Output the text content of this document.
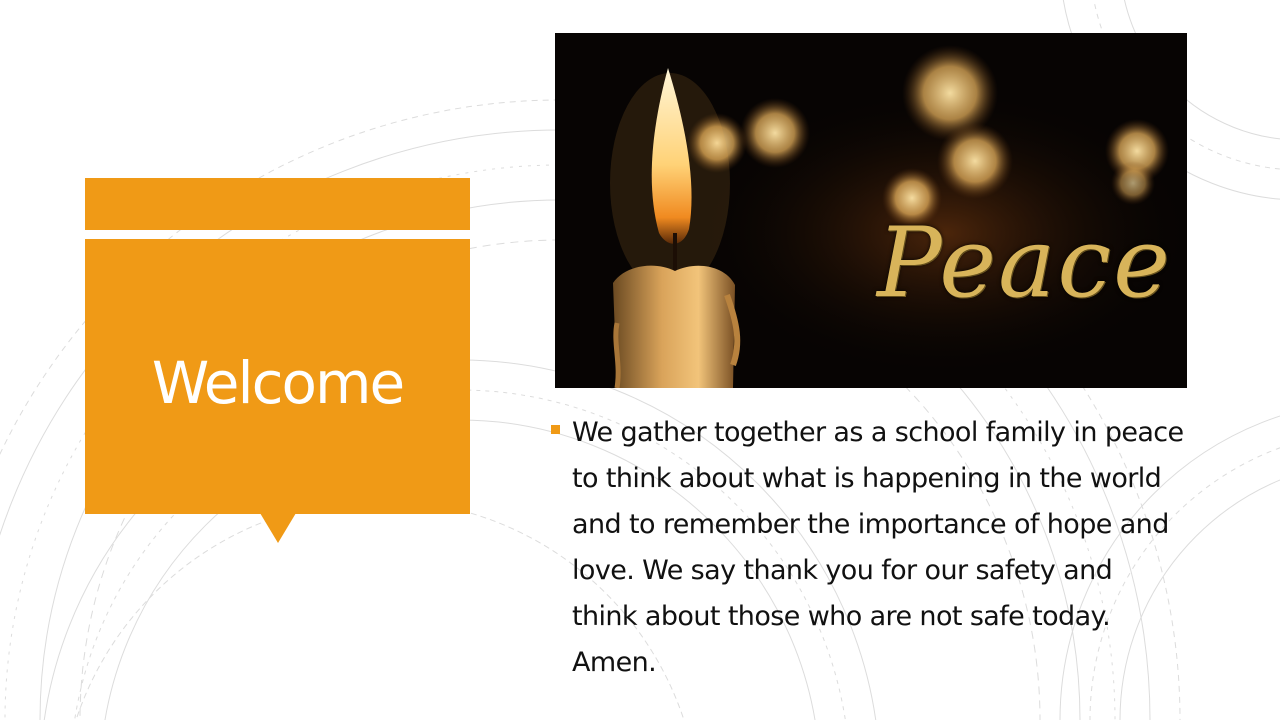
Welcome
Peace
We gather together as a school family in peace to think about what is happening in the world and to remember the importance of hope and love. We say thank you for our safety and think about those who are not safe today. Amen.
